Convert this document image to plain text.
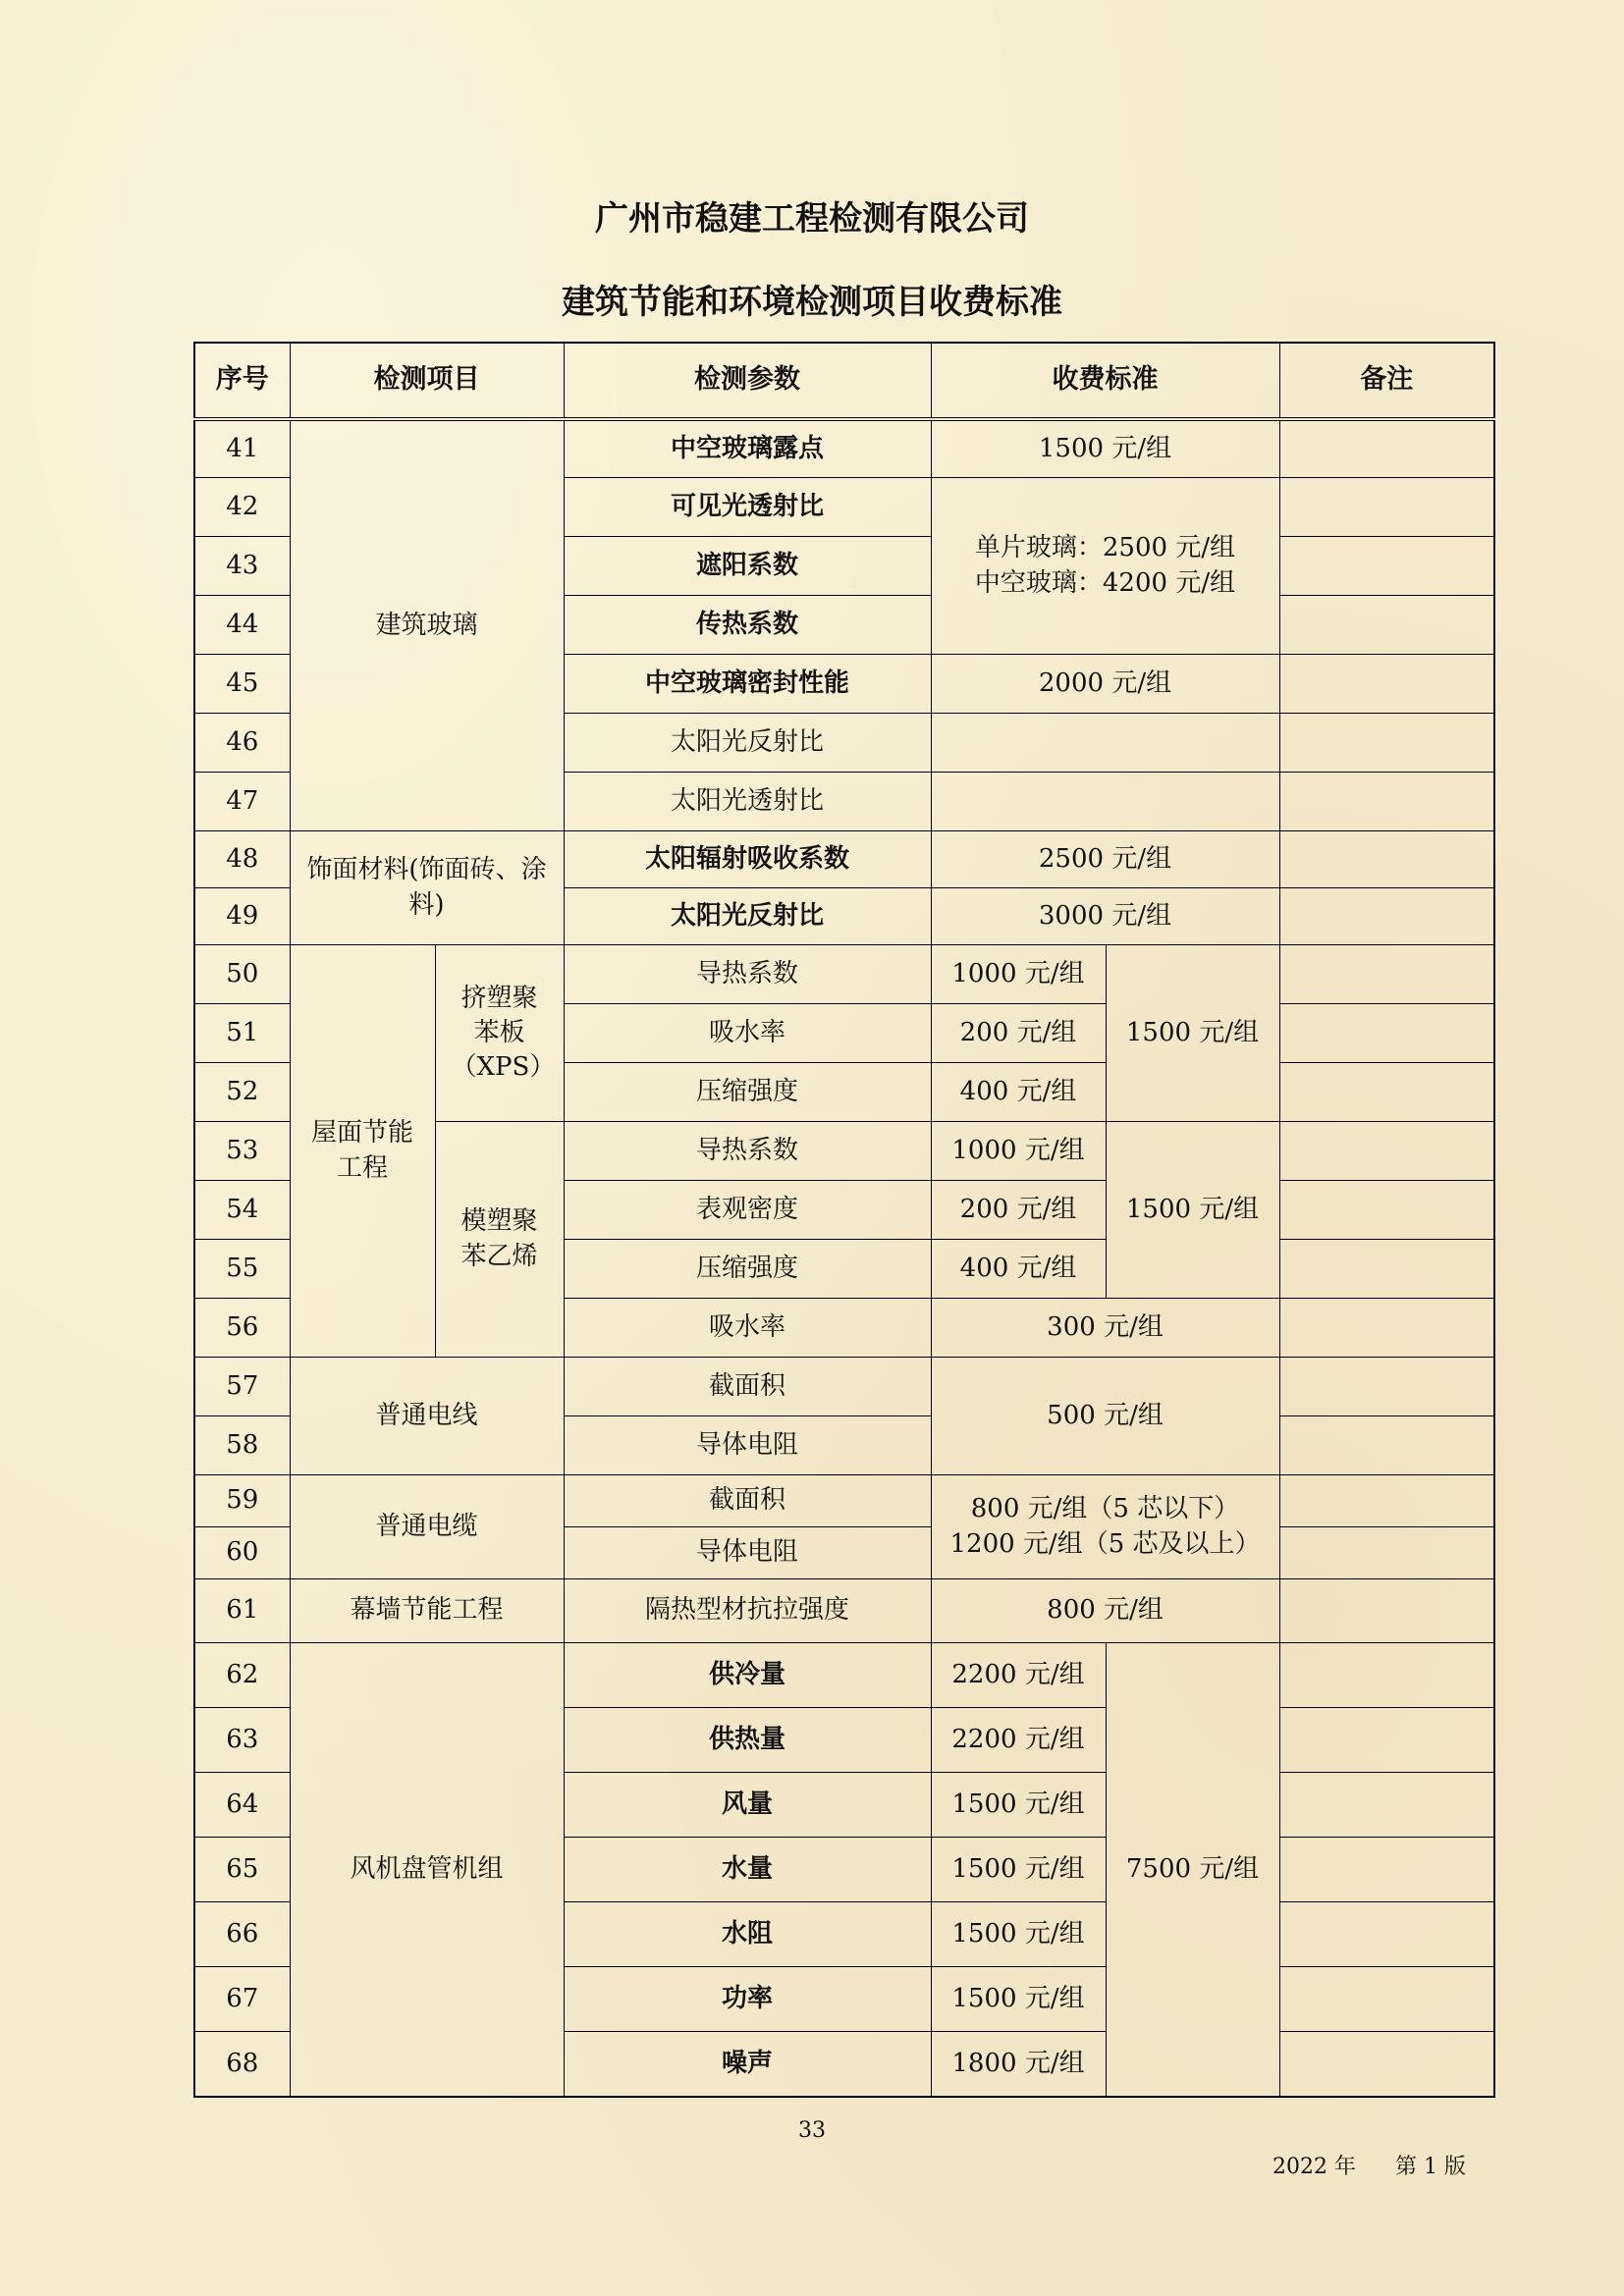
广州市稳建工程检测有限公司
建筑节能和环境检测项目收费标准
序号	检测项目		检测参数	收费标准		备注
41	建筑玻璃		中空玻璃露点	1500 元/组		
42			可见光透射比	单片玻璃：2500 元/组
中空玻璃：4200 元/组		

43			遮阳系数			
44			传热系数			
45			中空玻璃密封性能	2000 元/组		
46			太阳光反射比			
47			太阳光透射比			
48	饰面材料(饰面砖、涂料)		太阳辐射吸收系数	2500 元/组		
49			太阳光反射比	3000 元/组		
50	屋面节能工程	挤塑聚苯板（XPS）	导热系数	1000 元/组	1500 元/组	
51			吸水率	200 元/组		
52			压缩强度	400 元/组		
53		模塑聚苯乙烯	导热系数	1000 元/组	1500 元/组	
54			表观密度	200 元/组		
55			压缩强度	400 元/组		
56			吸水率	300 元/组		
57	普通电线		截面积	500 元/组		
58			导体电阻			
59	普通电缆		截面积	800 元/组（5 芯以下）
1200 元/组（5 芯及以上）		

60			导体电阻			
61	幕墙节能工程		隔热型材抗拉强度	800 元/组		
62	风机盘管机组		供冷量	2200 元/组	7500 元/组	
63			供热量	2200 元/组		
64			风量	1500 元/组		
65			水量	1500 元/组		
66			水阻	1500 元/组		
67			功率	1500 元/组		
68			噪声	1800 元/组		
33
2022 年 第 1 版
